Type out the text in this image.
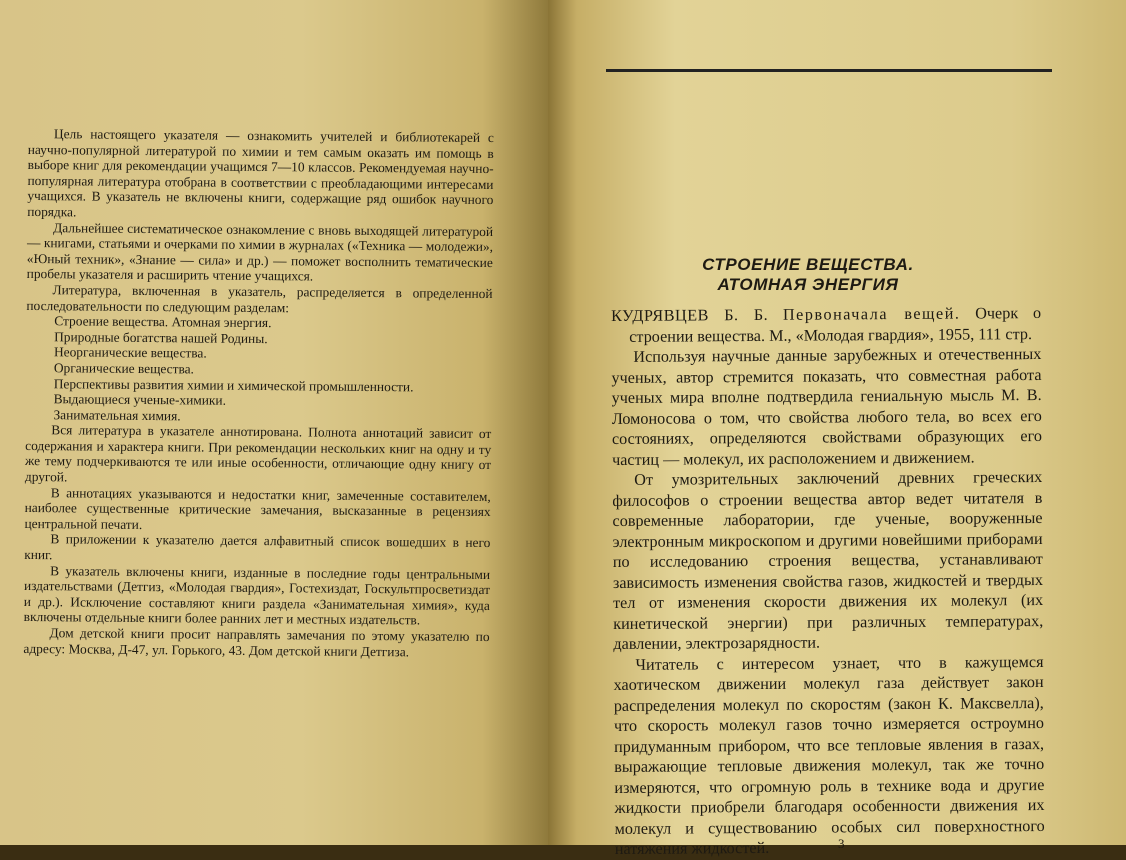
Цель настоящего указателя — ознакомить учителей и библиотекарей с научно-популярной литературой по химии и тем самым оказать им помощь в выборе книг для рекомендации учащимся 7—10 классов. Рекомендуемая научно-популярная литература отобрана в соответствии с преобладающими интересами учащихся. В указатель не включены книги, содержащие ряд ошибок научного порядка.

Дальнейшее систематическое ознакомление с вновь выходящей литературой — книгами, статьями и очерками по химии в журналах («Техника — молодежи», «Юный техник», «Знание — сила» и др.) — поможет восполнить тематические пробелы указателя и расширить чтение учащихся.

Литература, включенная в указатель, распределяется в определенной последовательности по следующим разделам:

Строение вещества. Атомная энергия.

Природные богатства нашей Родины.

Неорганические вещества.

Органические вещества.

Перспективы развития химии и химической промышленности.

Выдающиеся ученые-химики.

Занимательная химия.

Вся литература в указателе аннотирована. Полнота аннотаций зависит от содержания и характера книги. При рекомендации нескольких книг на одну и ту же тему подчеркиваются те или иные особенности, отличающие одну книгу от другой.

В аннотациях указываются и недостатки книг, замеченные составителем, наиболее существенные критические замечания, высказанные в рецензиях центральной печати.

В приложении к указателю дается алфавитный список вошедших в него книг.

В указатель включены книги, изданные в последние годы центральными издательствами (Детгиз, «Молодая гвардия», Гостехиздат, Госкультпросветиздат и др.). Исключение составляют книги раздела «Занимательная химия», куда включены отдельные книги более ранних лет и местных издательств.

Дом детской книги просит направлять замечания по этому указателю по адресу: Москва, Д-47, ул. Горького, 43. Дом детской книги Детгиза.

СТРОЕНИЕ ВЕЩЕСТВА.
АТОМНАЯ ЭНЕРГИЯ

КУДРЯВЦЕВ Б. Б. Первоначала вещей. Очерк о строении вещества. М., «Молодая гвардия», 1955, 111 стр.

Используя научные данные зарубежных и отечественных ученых, автор стремится показать, что совместная работа ученых мира вполне подтвердила гениальную мысль М. В. Ломоносова о том, что свойства любого тела, во всех его состояниях, определяются свойствами образующих его частиц — молекул, их расположением и движением.

От умозрительных заключений древних греческих философов о строении вещества автор ведет читателя в современные лаборатории, где ученые, вооруженные электронным микроскопом и другими новейшими приборами по исследованию строения вещества, устанавливают зависимость изменения свойства газов, жидкостей и твердых тел от изменения скорости движения их молекул (их кинетической энергии) при различных температурах, давлении, электрозарядности.

Читатель с интересом узнает, что в кажущемся хаотическом движении молекул газа действует закон распределения молекул по скоростям (закон К. Максвелла), что скорость молекул газов точно измеряется остроумно придуманным прибором, что все тепловые явления в газах, выражающие тепловые движения молекул, так же точно измеряются, что огромную роль в технике вода и другие жидкости приобрели благодаря особенности движения их молекул и существованию особых сил поверхностного натяжения жидкостей.	3
